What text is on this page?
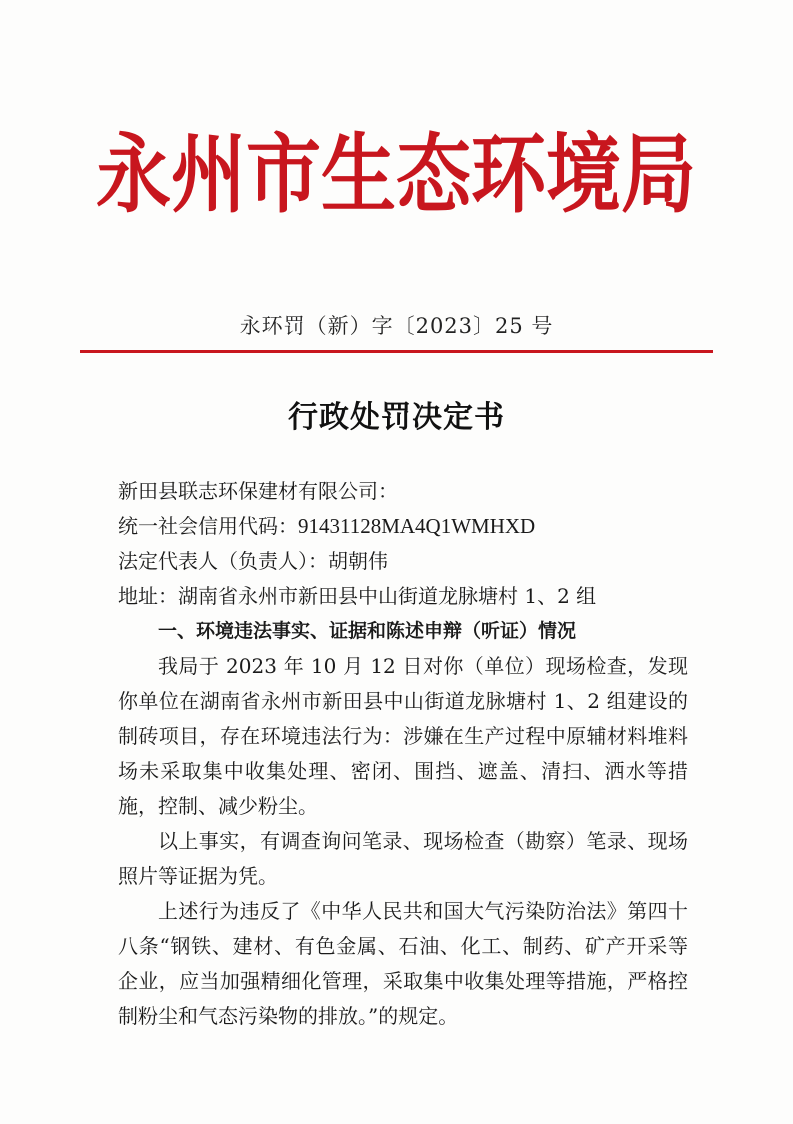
永州市生态环境局
永环罚（新）字〔2023〕25 号
行政处罚决定书
新田县联志环保建材有限公司：
统一社会信用代码：91431128MA4Q1WMHXD
法定代表人（负责人）：胡朝伟
地址：湖南省永州市新田县中山街道龙脉塘村 1、2 组
一、环境违法事实、证据和陈述申辩（听证）情况

我局于 2023 年 10 月 12 日对你（单位）现场检查，发现你单位在湖南省永州市新田县中山街道龙脉塘村 1、2 组建设的制砖项目，存在环境违法行为：涉嫌在生产过程中原辅材料堆料场未采取集中收集处理、密闭、围挡、遮盖、清扫、洒水等措施，控制、减少粉尘。

以上事实，有调查询问笔录、现场检查（勘察）笔录、现场照片等证据为凭。

上述行为违反了《中华人民共和国大气污染防治法》第四十八条“钢铁、建材、有色金属、石油、化工、制药、矿产开采等企业，应当加强精细化管理，采取集中收集处理等措施，严格控制粉尘和气态污染物的排放。”的规定。
